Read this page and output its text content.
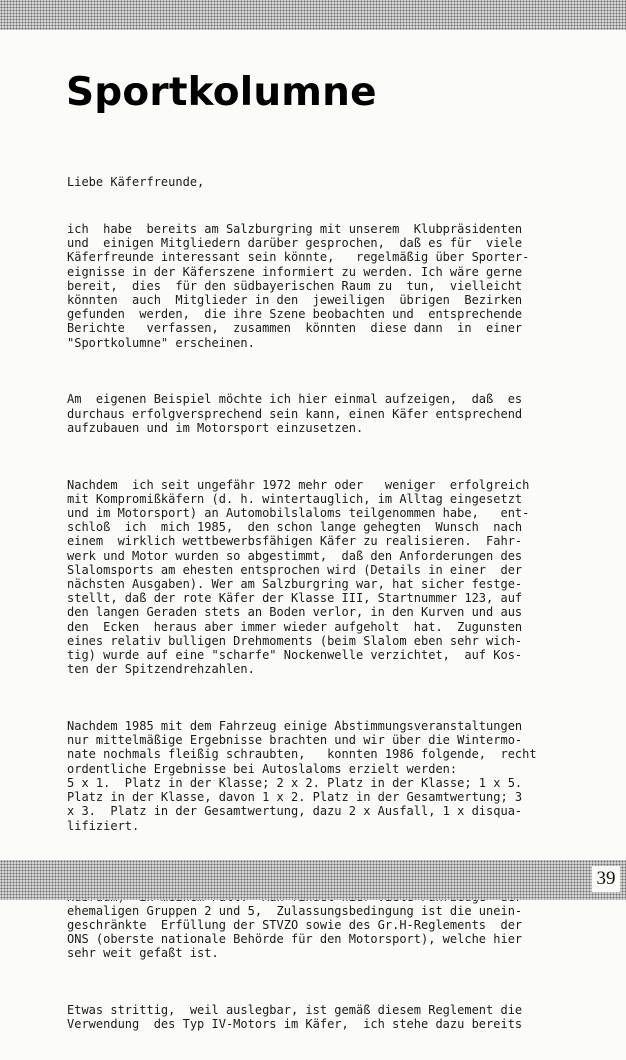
Sportkolumne

Liebe Käferfreunde,

ich  habe  bereits am Salzburgring mit unserem  Klubpräsidenten
und  einigen Mitgliedern darüber gesprochen,  daß es für  viele
Käferfreunde interessant sein könnte,   regelmäßig über Sporter-
eignisse in der Käferszene informiert zu werden. Ich wäre gerne
bereit,  dies  für den südbayerischen Raum zu  tun,  vielleicht
könnten  auch  Mitglieder in den  jeweiligen  übrigen  Bezirken
gefunden  werden,  die ihre Szene beobachten und  entsprechende
Berichte   verfassen,  zusammen  könnten  diese dann  in  einer
"Sportkolumne" erscheinen.

Am  eigenen Beispiel möchte ich hier einmal aufzeigen,  daß  es
durchaus erfolgversprechend sein kann, einen Käfer entsprechend
aufzubauen und im Motorsport einzusetzen.

Nachdem  ich seit ungefähr 1972 mehr oder   weniger  erfolgreich
mit Kompromißkäfern (d. h. wintertauglich, im Alltag eingesetzt
und im Motorsport) an Automobilslaloms teilgenommen habe,   ent-
schloß  ich  mich 1985,  den schon lange gehegten  Wunsch  nach
einem  wirklich wettbewerbsfähigen Käfer zu realisieren.  Fahr-
werk und Motor wurden so abgestimmt,  daß den Anforderungen des
Slalomsports am ehesten entsprochen wird (Details in einer  der
nächsten Ausgaben). Wer am Salzburgring war, hat sicher festge-
stellt, daß der rote Käfer der Klasse III, Startnummer 123, auf
den langen Geraden stets an Boden verlor, in den Kurven und aus
den  Ecken  heraus aber immer wieder aufgeholt  hat.  Zugunsten
eines relativ bulligen Drehmoments (beim Slalom eben sehr wich-
tig) wurde auf eine "scharfe" Nockenwelle verzichtet,  auf Kos-
ten der Spitzendrehzahlen.

Nachdem 1985 mit dem Fahrzeug einige Abstimmungsveranstaltungen
nur mittelmäßige Ergebnisse brachten und wir über die Wintermo-
nate nochmals fleißig schraubten,   konnten 1986 folgende,  recht
ordentliche Ergebnisse bei Autoslaloms erzielt werden:
5 x 1.  Platz in der Klasse; 2 x 2. Platz in der Klasse; 1 x 5.
Platz in der Klasse, davon 1 x 2. Platz in der Gesamtwertung; 3
x 3.  Platz in der Gesamtwertung, dazu 2 x Ausfall, 1 x disqua-
lifiziert.

ehemaligen Gruppen 2 und 5,  Zulassungsbedingung ist die unein-
geschränkte  Erfüllung der STVZO sowie des Gr.H-Reglements  der
ONS (oberste nationale Behörde für den Motorsport), welche hier
sehr weit gefaßt ist.

Etwas strittig,  weil auslegbar, ist gemäß diesem Reglement die
Verwendung  des Typ IV-Motors im Käfer,  ich stehe dazu bereits

39
